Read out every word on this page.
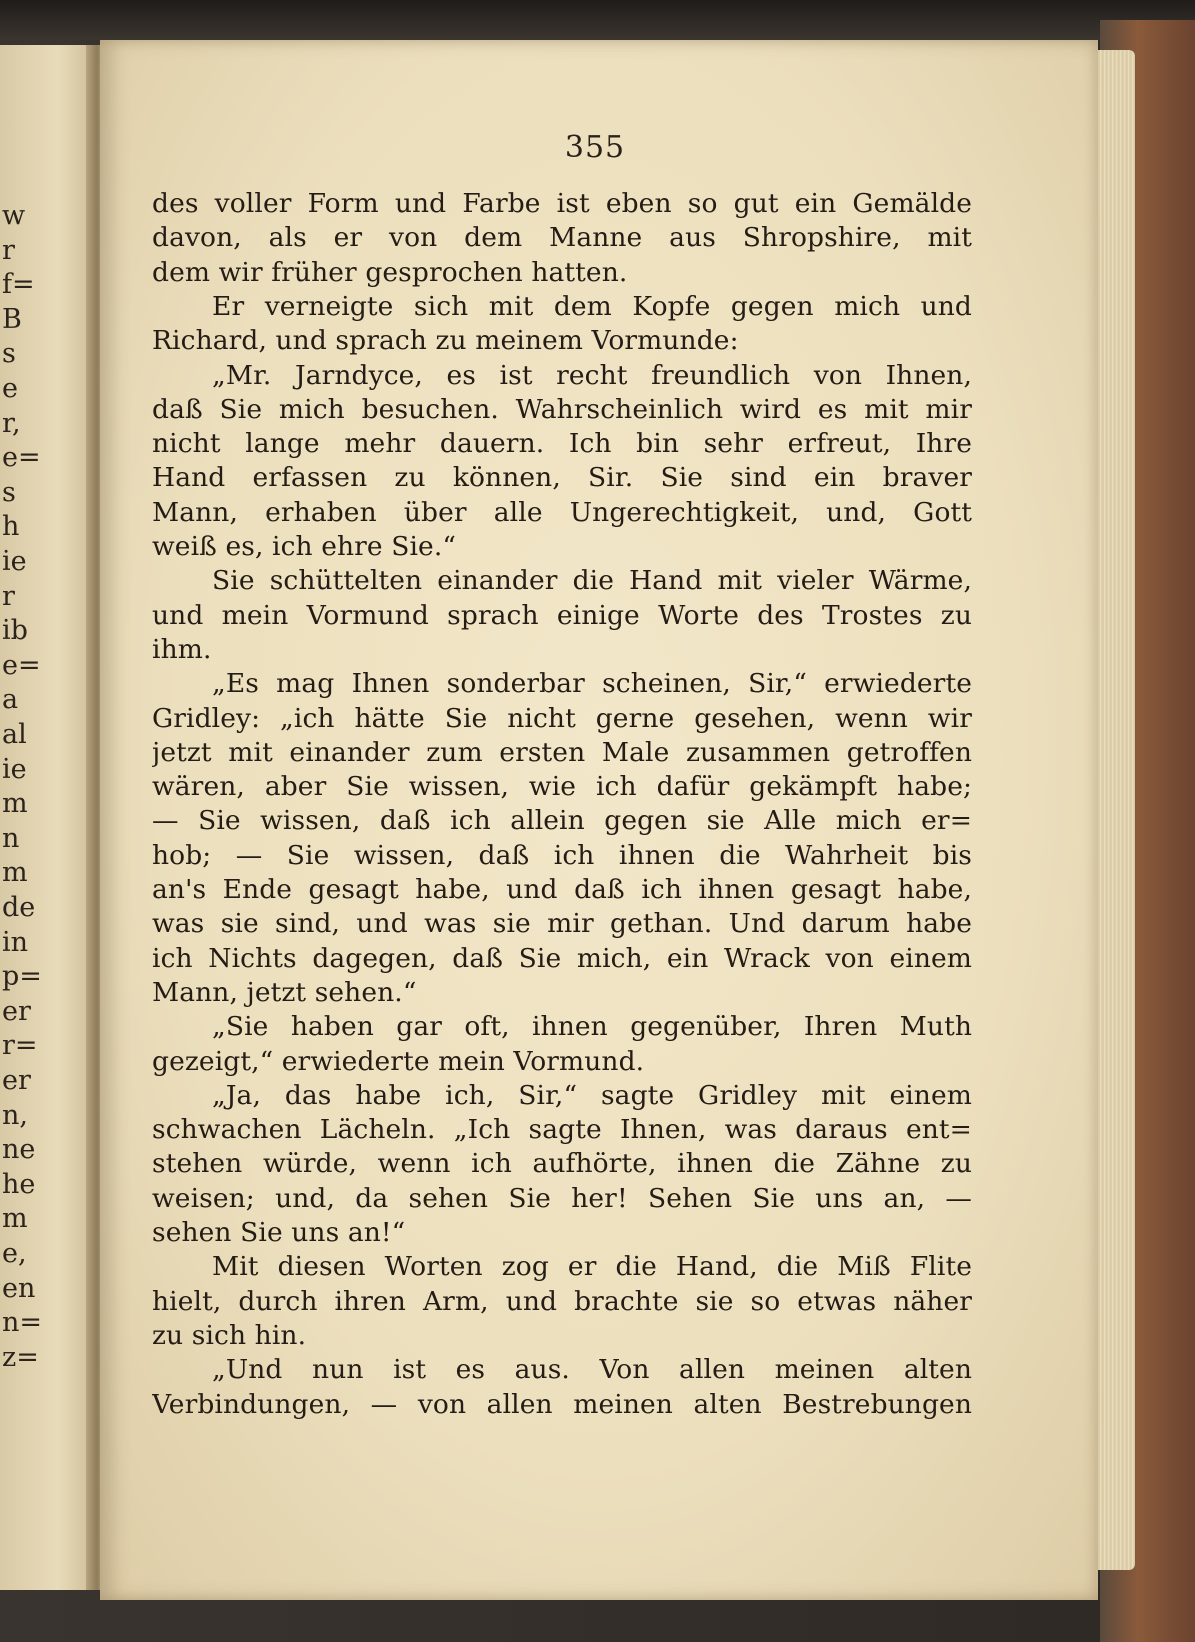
w
r
f=
B
s
e
r,
e=
s
h
ie
r
ib
e=
a
al
ie
m
n
m
de
in
p=
er
r=
er
n,
ne
he
m
e,
en
n=
z=
355
des voller Form und Farbe ist eben so gut ein Gemälde
davon, als er von dem Manne aus Shropshire, mit
dem wir früher gesprochen hatten.
Er verneigte sich mit dem Kopfe gegen mich und
Richard, und sprach zu meinem Vormunde:
„Mr. Jarndyce, es ist recht freundlich von Ihnen,
daß Sie mich besuchen. Wahrscheinlich wird es mit mir
nicht lange mehr dauern. Ich bin sehr erfreut, Ihre
Hand erfassen zu können, Sir. Sie sind ein braver
Mann, erhaben über alle Ungerechtigkeit, und, Gott
weiß es, ich ehre Sie.“
Sie schüttelten einander die Hand mit vieler Wärme,
und mein Vormund sprach einige Worte des Trostes zu
ihm.
„Es mag Ihnen sonderbar scheinen, Sir,“ erwiederte
Gridley: „ich hätte Sie nicht gerne gesehen, wenn wir
jetzt mit einander zum ersten Male zusammen getroffen
wären, aber Sie wissen, wie ich dafür gekämpft habe;
— Sie wissen, daß ich allein gegen sie Alle mich er=
hob; — Sie wissen, daß ich ihnen die Wahrheit bis
an's Ende gesagt habe, und daß ich ihnen gesagt habe,
was sie sind, und was sie mir gethan. Und darum habe
ich Nichts dagegen, daß Sie mich, ein Wrack von einem
Mann, jetzt sehen.“
„Sie haben gar oft, ihnen gegenüber, Ihren Muth
gezeigt,“ erwiederte mein Vormund.
„Ja, das habe ich, Sir,“ sagte Gridley mit einem
schwachen Lächeln. „Ich sagte Ihnen, was daraus ent=
stehen würde, wenn ich aufhörte, ihnen die Zähne zu
weisen; und, da sehen Sie her! Sehen Sie uns an, —
sehen Sie uns an!“
Mit diesen Worten zog er die Hand, die Miß Flite
hielt, durch ihren Arm, und brachte sie so etwas näher
zu sich hin.
„Und nun ist es aus. Von allen meinen alten
Verbindungen, — von allen meinen alten Bestrebungen
